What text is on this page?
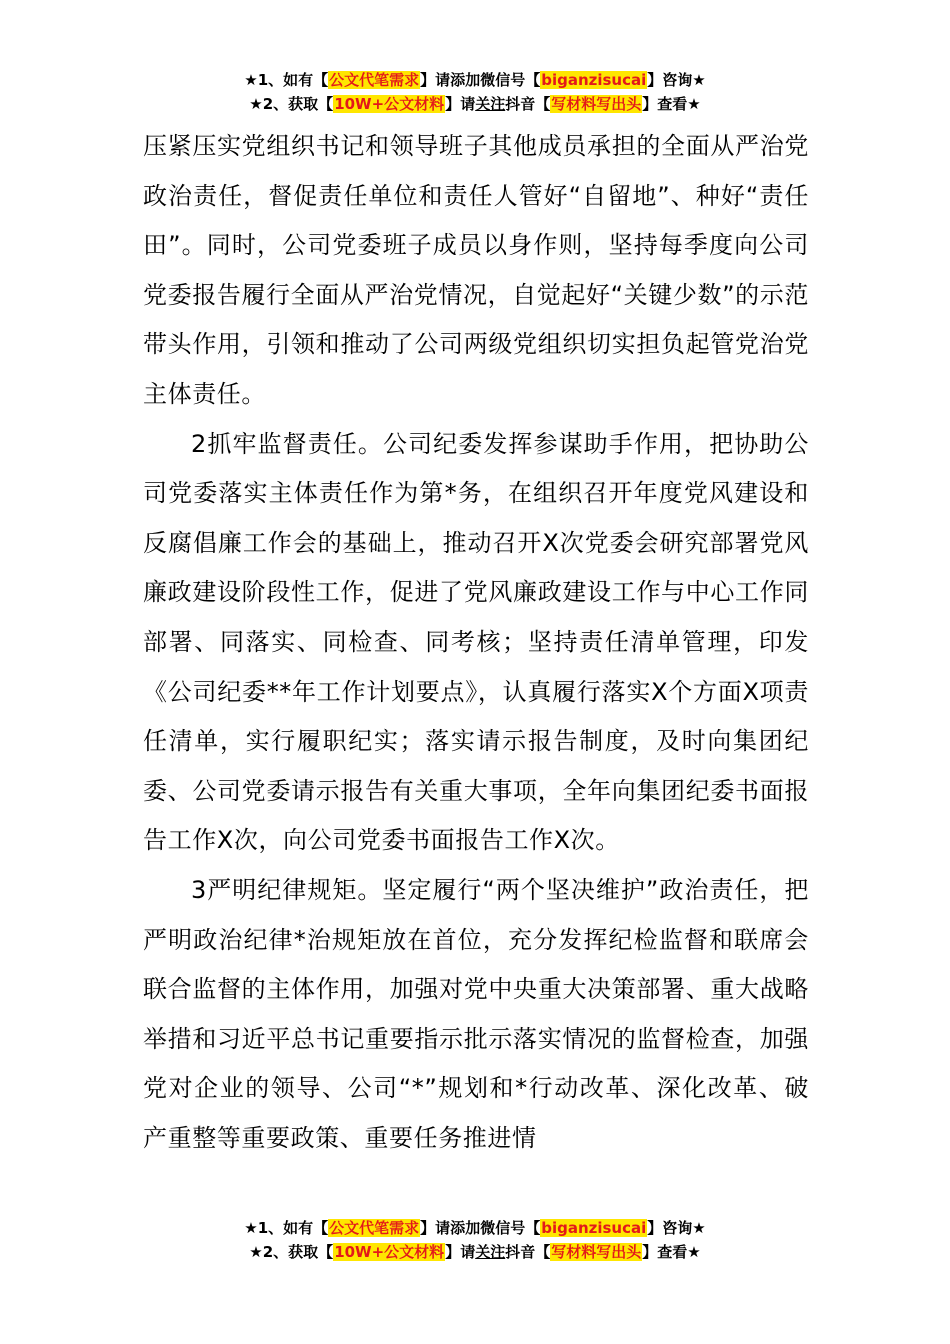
★1、如有【公文代笔需求】请添加微信号【biganzisucai】咨询★
★2、获取【10W+公文材料】请关注抖音【写材料写出头】查看★

压紧压实党组织书记和领导班子其他成员承担的全面从严治党政治责任，督促责任单位和责任人管好“自留地”、种好“责任田”。同时，公司党委班子成员以身作则，坚持每季度向公司党委报告履行全面从严治党情况，自觉起好“关键少数”的示范带头作用，引领和推动了公司两级党组织切实担负起管党治党主体责任。

2抓牢监督责任。公司纪委发挥参谋助手作用，把协助公司党委落实主体责任作为第*务，在组织召开年度党风建设和反腐倡廉工作会的基础上，推动召开X次党委会研究部署党风廉政建设阶段性工作，促进了党风廉政建设工作与中心工作同部署、同落实、同检查、同考核；坚持责任清单管理，印发《公司纪委**年工作计划要点》，认真履行落实X个方面X项责任清单，实行履职纪实；落实请示报告制度，及时向集团纪委、公司党委请示报告有关重大事项，全年向集团纪委书面报告工作X次，向公司党委书面报告工作X次。

3严明纪律规矩。坚定履行“两个坚决维护”政治责任，把严明政治纪律*治规矩放在首位，充分发挥纪检监督和联席会联合监督的主体作用，加强对党中央重大决策部署、重大战略举措和习近平总书记重要指示批示落实情况的监督检查，加强党对企业的领导、公司“*”规划和*行动改革、深化改革、破产重整等重要政策、重要任务推进情

★1、如有【公文代笔需求】请添加微信号【biganzisucai】咨询★
★2、获取【10W+公文材料】请关注抖音【写材料写出头】查看★
